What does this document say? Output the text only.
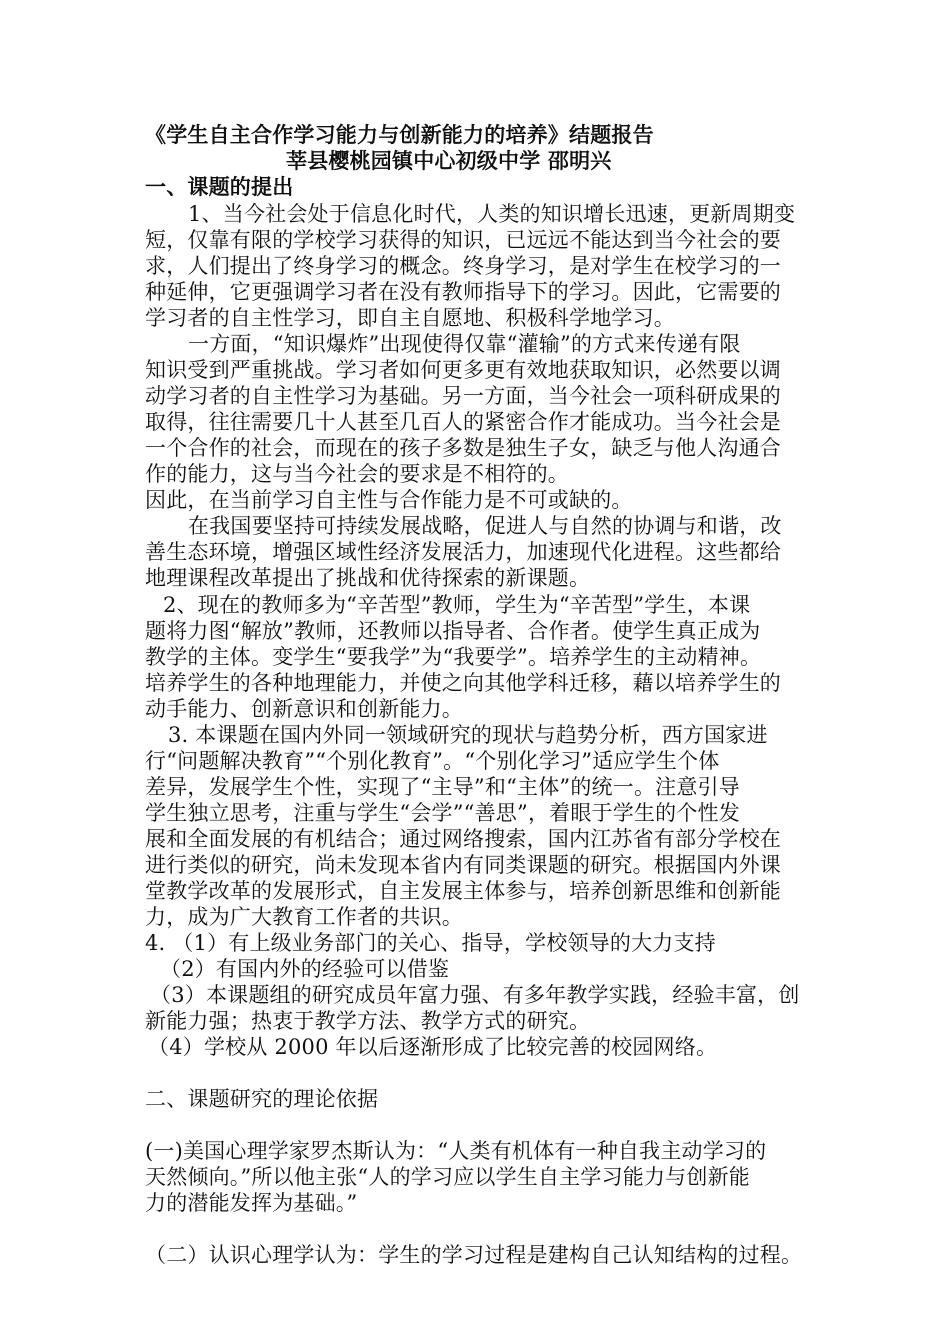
《学生自主合作学习能力与创新能力的培养》结题报告
莘县樱桃园镇中心初级中学 邵明兴
一、课题的提出
1、当今社会处于信息化时代，人类的知识增长迅速，更新周期变
短，仅靠有限的学校学习获得的知识，已远远不能达到当今社会的要
求，人们提出了终身学习的概念。终身学习，是对学生在校学习的一
种延伸，它更强调学习者在没有教师指导下的学习。因此，它需要的
学习者的自主性学习，即自主自愿地、积极科学地学习。
一方面，“知识爆炸”出现使得仅靠“灌输”的方式来传递有限
知识受到严重挑战。学习者如何更多更有效地获取知识，必然要以调
动学习者的自主性学习为基础。另一方面，当今社会一项科研成果的
取得，往往需要几十人甚至几百人的紧密合作才能成功。当今社会是
一个合作的社会，而现在的孩子多数是独生子女，缺乏与他人沟通合
作的能力，这与当今社会的要求是不相符的。
因此，在当前学习自主性与合作能力是不可或缺的。
在我国要坚持可持续发展战略，促进人与自然的协调与和谐，改
善生态环境，增强区域性经济发展活力，加速现代化进程。这些都给
地理课程改革提出了挑战和优待探索的新课题。
2、现在的教师多为“辛苦型”教师，学生为“辛苦型”学生，本课
题将力图“解放”教师，还教师以指导者、合作者。使学生真正成为
教学的主体。变学生“要我学”为“我要学”。培养学生的主动精神。
培养学生的各种地理能力，并使之向其他学科迁移，藉以培养学生的
动手能力、创新意识和创新能力。
3. 本课题在国内外同一领域研究的现状与趋势分析，西方国家进
行“问题解决教育”“个别化教育”。“个别化学习”适应学生个体
差异，发展学生个性，实现了“主导”和“主体”的统一。注意引导
学生独立思考，注重与学生“会学”“善思”，着眼于学生的个性发
展和全面发展的有机结合；通过网络搜索，国内江苏省有部分学校在
进行类似的研究，尚未发现本省内有同类课题的研究。根据国内外课
堂教学改革的发展形式，自主发展主体参与，培养创新思维和创新能
力，成为广大教育工作者的共识。
4. （1）有上级业务部门的关心、指导，学校领导的大力支持
（2）有国内外的经验可以借鉴
（3）本课题组的研究成员年富力强、有多年教学实践，经验丰富，创
新能力强；热衷于教学方法、教学方式的研究。
（4）学校从 2000 年以后逐渐形成了比较完善的校园网络。
二、课题研究的理论依据
(一)美国心理学家罗杰斯认为：“人类有机体有一种自我主动学习的
天然倾向。”所以他主张“人的学习应以学生自主学习能力与创新能
力的潜能发挥为基础。”
（二）认识心理学认为：学生的学习过程是建构自己认知结构的过程。
